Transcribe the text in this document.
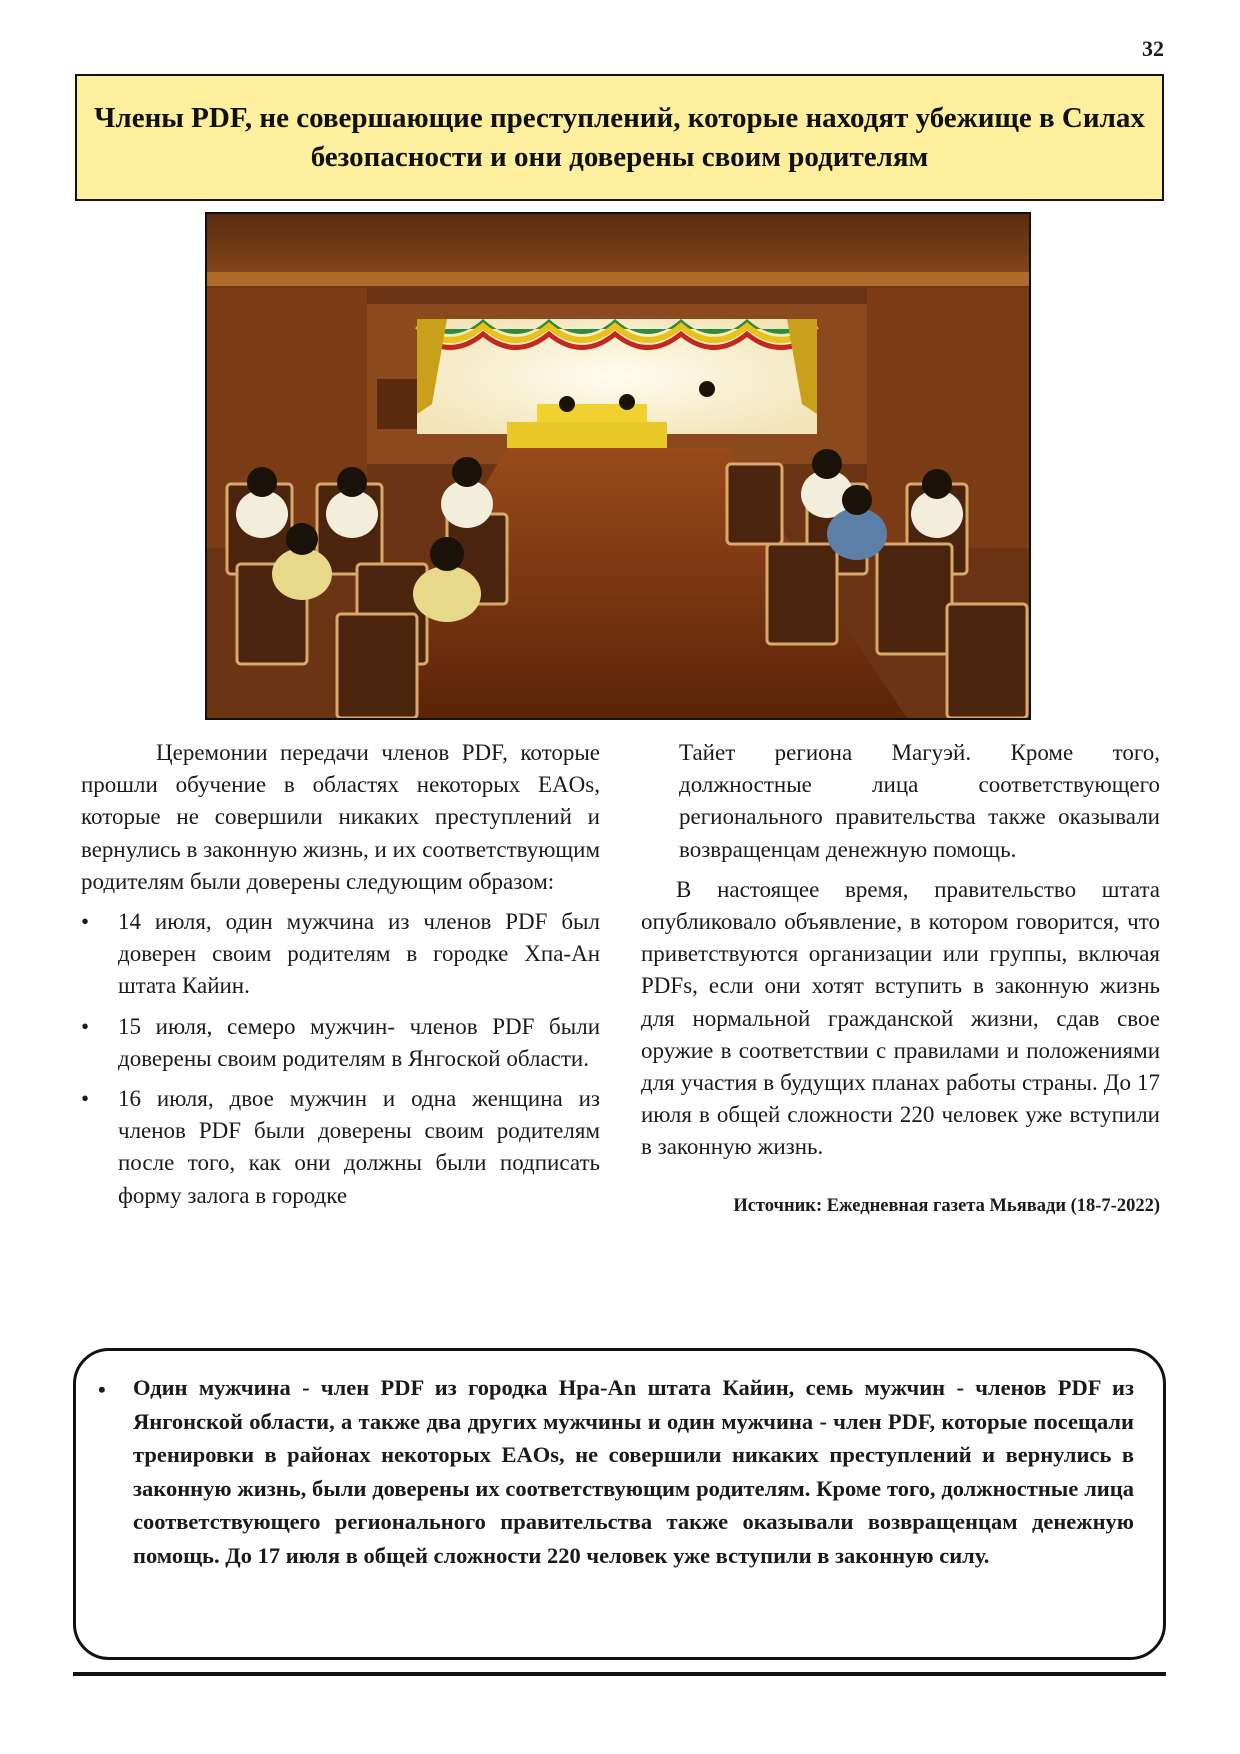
32
Члены PDF, не совершающие преступлений, которые находят убежище в Силах безопасности и они доверены своим родителям

Церемонии передачи членов PDF, которые прошли обучение в областях некоторых EAOs, которые не совершили никаких преступлений и вернулись в законную жизнь, и их соответствующим родителям были доверены следующим образом:

• 14 июля, один мужчина из членов PDF был доверен своим родителям в городке Хпа-Ан штата Кайин.
• 15 июля, семеро мужчин- членов PDF были доверены своим родителям в Янгоской области.
• 16 июля, двое мужчин и одна женщина из членов PDF были доверены своим родителям после того, как они должны были подписать форму залога в городке

Тайет региона Магуэй. Кроме того, должностные лица соответствующего регионального правительства также оказывали возвращенцам денежную помощь.

В настоящее время, правительство штата опубликовало объявление, в котором говорится, что приветствуются организации или группы, включая PDFs, если они хотят вступить в законную жизнь для нормальной гражданской жизни, сдав свое оружие в соответствии с правилами и положениями для участия в будущих планах работы страны. До 17 июля в общей сложности 220 человек уже вступили в законную жизнь.

Источник: Ежедневная газета Мьявади (18-7-2022)

• Один мужчина - член PDF из городка Hpa-An штата Кайин, семь мужчин - членов PDF из Янгонской области, а также два других мужчины и один мужчина - член PDF, которые посещали тренировки в районах некоторых EAOs, не совершили никаких преступлений и вернулись в законную жизнь, были доверены их соответствующим родителям. Кроме того, должностные лица соответствующего регионального правительства также оказывали возвращенцам денежную помощь. До 17 июля в общей сложности 220 человек уже вступили в законную силу.
